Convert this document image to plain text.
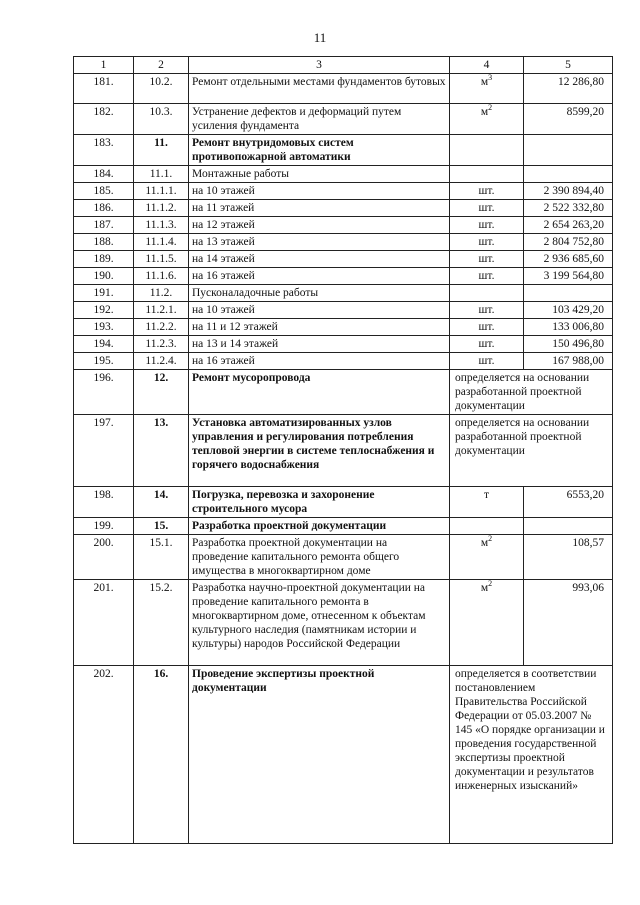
11
1	2	3	4	5
181.	10.2.	Ремонт отдельными местами фундаментов бутовых	$м^3$	12 286,80
182.	10.3.	Устранение дефектов и деформаций путем усиления фундамента	$м^2$	8599,20
183.	11.	Ремонт внутридомовых систем противопожарной автоматики		
184.	11.1.	Монтажные работы		
185.	11.1.1.	на 10 этажей	шт.	2 390 894,40
186.	11.1.2.	на 11 этажей	шт.	2 522 332,80
187.	11.1.3.	на 12 этажей	шт.	2 654 263,20
188.	11.1.4.	на 13 этажей	шт.	2 804 752,80
189.	11.1.5.	на 14 этажей	шт.	2 936 685,60
190.	11.1.6.	на 16 этажей	шт.	3 199 564,80
191.	11.2.	Пусконаладочные работы		
192.	11.2.1.	на 10 этажей	шт.	103 429,20
193.	11.2.2.	на 11 и 12 этажей	шт.	133 006,80
194.	11.2.3.	на 13 и 14 этажей	шт.	150 496,80
195.	11.2.4.	на 16 этажей	шт.	167 988,00
196.	12.	Ремонт мусоропровода	определяется на основании разработанной проектной документации	
197.	13.	Установка автоматизированных узлов управления и регулирования потребления тепловой энергии в системе теплоснабжения и горячего водоснабжения	определяется на основании разработанной проектной документации	
198.	14.	Погрузка, перевозка и захоронение строительного мусора	т	6553,20
199.	15.	Разработка проектной документации		
200.	15.1.	Разработка проектной документации на проведение капитального ремонта общего имущества в многоквартирном доме	$м^2$	108,57
201.	15.2.	Разработка научно-проектной документации на проведение капитального ремонта в многоквартирном доме, отнесенном к объектам культурного наследия (памятникам истории и культуры) народов Российской Федерации	$м^2$	993,06
202.	16.	Проведение экспертизы проектной документации	определяется в соответствии постановлением Правительства Российской Федерации от 05.03.2007 № 145 «О порядке организации и проведения государственной экспертизы проектной документации и результатов инженерных изысканий»	
